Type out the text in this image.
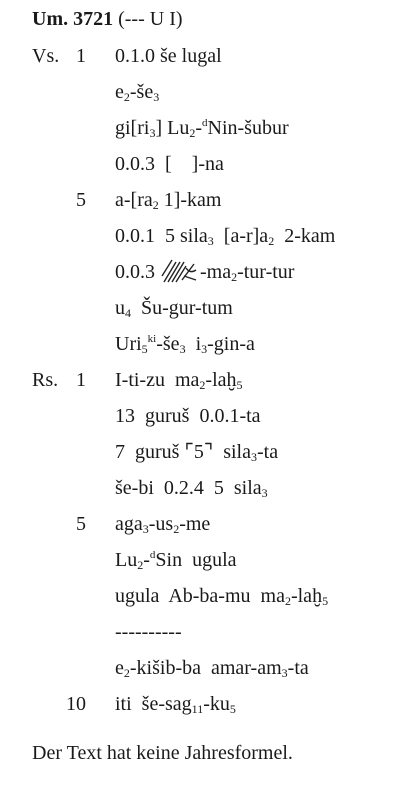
Um. 3721 (--- U I)
Vs. 1 0.1.0 še lugal
$e_2-še_3$
$gi[ri_3]$ $Lu_2-^dNin$-šubur
0.0.3  [    ]-na
5 $a-[ra_2$ 1]-kam
0.0.1  5 sila$_3$  $[a-r]a_2$  2-kam
0.0.3 $-ma_2-tur$-tur
$u_4$  Šu-gur-tum
$Uri_5^{ki}-še_3$  $i_3-gin-a$
Rs. 1 I-ti-zu  $ma_2-laḫ_5$
13  guruš  0.0.1-ta
7  guruš ⌜5⌝  sila$_3$-ta
še-bi  0.2.4  5  sila$_3$
5 $aga_3-us_2-me$
$Lu_2-^dSin$  ugula
ugula  Ab-ba-mu  $ma_2-laḫ_5$
----------
$e_2-kišib-ba$  amar-$am_3-ta$
10 iti  $še-sag_{11}-ku_5$
Der Text hat keine Jahresformel.
